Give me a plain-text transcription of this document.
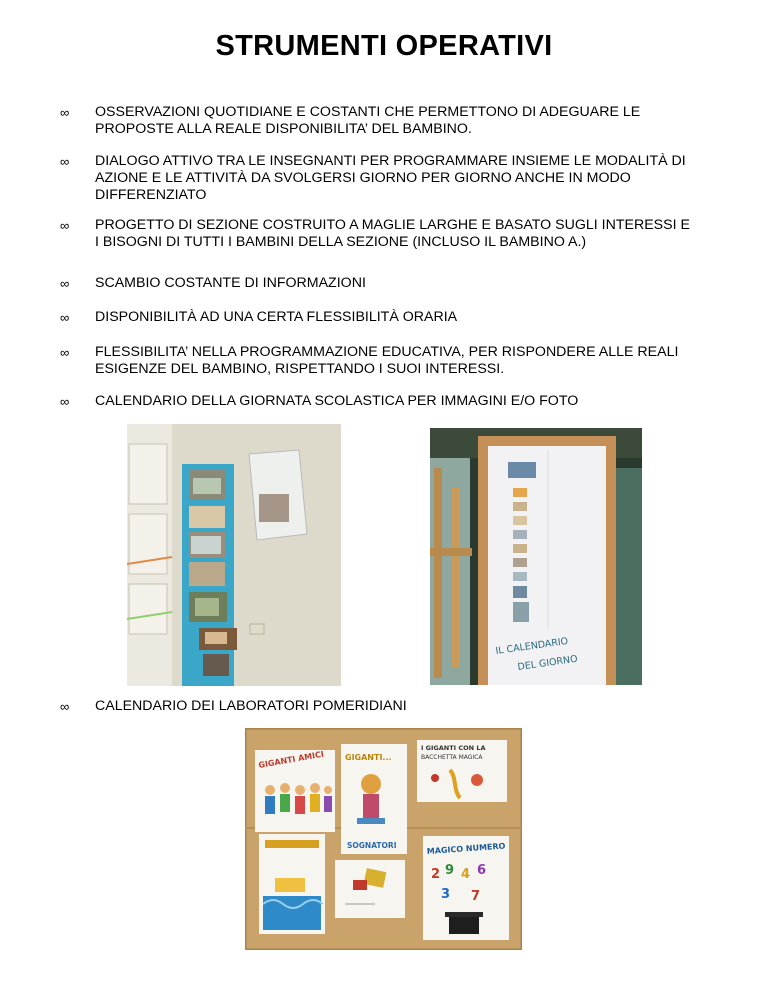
STRUMENTI OPERATIVI
∞ OSSERVAZIONI QUOTIDIANE E COSTANTI CHE PERMETTONO DI ADEGUARE LE PROPOSTE ALLA REALE DISPONIBILITA’ DEL BAMBINO.
∞ DIALOGO ATTIVO TRA LE INSEGNANTI PER PROGRAMMARE INSIEME LE MODALITÀ DI AZIONE E LE ATTIVITÀ DA SVOLGERSI GIORNO PER GIORNO ANCHE IN MODO DIFFERENZIATO
∞ PROGETTO DI SEZIONE COSTRUITO A MAGLIE LARGHE E BASATO SUGLI INTERESSI E I BISOGNI DI TUTTI I BAMBINI DELLA SEZIONE (INCLUSO IL BAMBINO A.)
∞ SCAMBIO COSTANTE DI INFORMAZIONI
∞ DISPONIBILITÀ AD UNA CERTA FLESSIBILITÀ ORARIA
∞ FLESSIBILITA’ NELLA PROGRAMMAZIONE EDUCATIVA, PER RISPONDERE ALLE REALI ESIGENZE DEL BAMBINO, RISPETTANDO I SUOI INTERESSI.
∞ CALENDARIO DELLA GIORNATA SCOLASTICA PER IMMAGINI E/O FOTO
∞ CALENDARIO DEI LABORATORI POMERIDIANI
IL CALENDARIO
DEL GIORNO
GIGANTI AMICI	GIGANTI...
SOGNATORI
I GIGANTI CON LA
BACCHETTA MAGICA
MAGICO NUMERO
2 9 4 6
3 7
